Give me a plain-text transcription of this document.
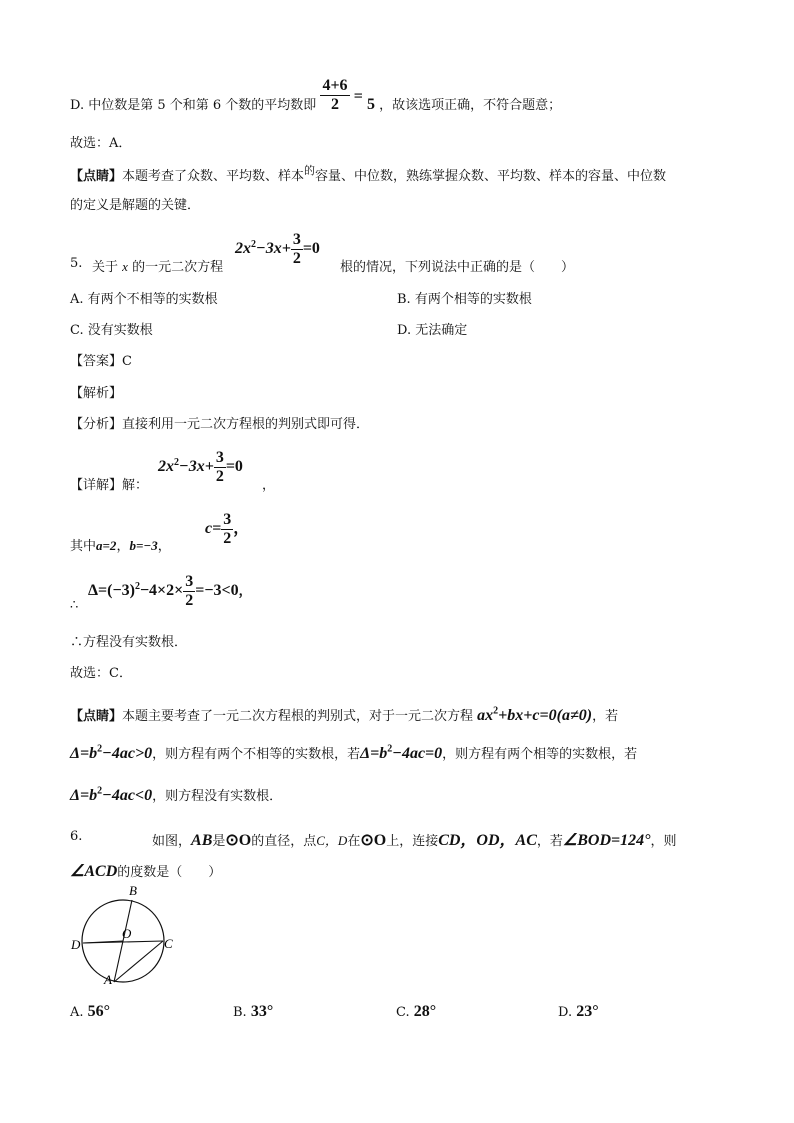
D. 中位数是第 5 个和第 6 个数的平均数即 $\frac{4+6}{2} = 5$ ，故该选项正确，不符合题意；
故选：A．
【点睛】本题考查了众数、平均数、样本$^的$容量、中位数，熟练掌握众数、平均数、样本的容量、中位数
的定义是解题的关键．
5. 关于 x 的一元二次方程
$2x^2-3x+ \frac{3}{2} =0$
根的情况，下列说法中正确的是（　　）
A. 有两个不相等的实数根	B. 有两个相等的实数根
C. 没有实数根	D. 无法确定
【答案】C
【解析】
【分析】直接利用一元二次方程根的判别式即可得．
【详解】解：
$2x^2-3x+ \frac{3}{2} =0$
，
其中a=2，b=−3，
$c= \frac{3}{2}$ ，
∴
$\Delta=(-3)^2-4\times 2\times \frac{3}{2} =-3<0$，
∴方程没有实数根．
故选：C．
【点睛】本题主要考查了一元二次方程根的判别式，对于一元二次方程 $ax^2+bx+c=0(a\ne 0)$，若
$\Delta=b^2-4ac>0$，则方程有两个不相等的实数根，若$\Delta=b^2-4ac=0$，则方程有两个相等的实数根，若
$\Delta=b^2-4ac<0$，则方程没有实数根．
6.	如图，AB是⊙O的直径，点C，D在⊙O上，连接CD，OD，AC，若∠BOD=124°，则
∠ACD的度数是（　　）
B
O
D	C
A
A. 56°	B. 33°	C. 28°	D. 23°
